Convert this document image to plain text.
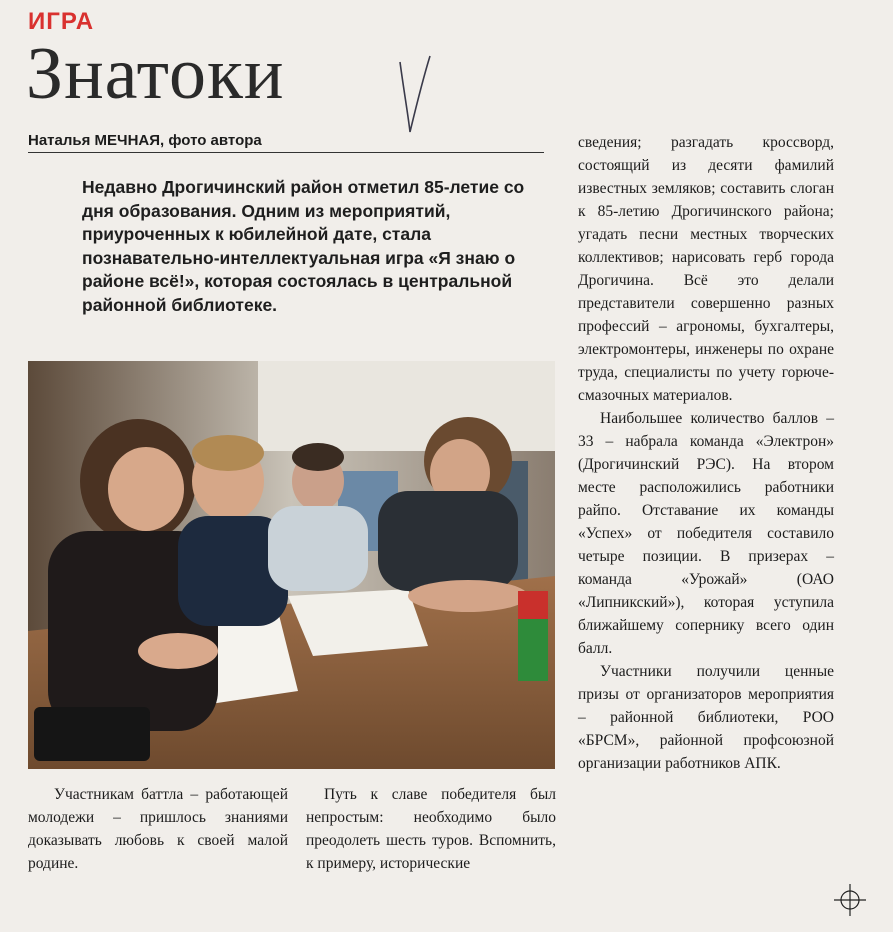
ИГРА
Знатоки
Наталья МЕЧНАЯ, фото автора
Недавно Дрогичинский район отметил 85-летие со дня образования. Одним из мероприятий, приуроченных к юбилейной дате, стала познавательно-интеллектуальная игра «Я знаю о районе всё!», которая состоялась в центральной районной библиотеке.
Участникам баттла – работающей молодежи – пришлось знаниями доказывать любовь к своей малой родине.
Путь к славе победителя был непростым: необходимо было преодолеть шесть туров. Вспомнить, к примеру, исторические

сведения; разгадать кроссворд, состоящий из десяти фамилий известных земляков; составить слоган к 85-летию Дрогичинского района; угадать песни местных творческих коллективов; нарисовать герб города Дрогичина. Всё это делали представители совершенно разных профессий – агрономы, бухгалтеры, электромонтеры, инженеры по охране труда, специалисты по учету горюче-смазочных материалов.

Наибольшее количество баллов – 33 – набрала команда «Электрон» (Дрогичинский РЭС). На втором месте расположились работники райпо. Отставание их команды «Успех» от победителя составило четыре позиции. В призерах – команда «Урожай» (ОАО «Липникский»), которая уступила ближайшему сопернику всего один балл.

Участники получили ценные призы от организаторов мероприятия – районной библиотеки, РОО «БРСМ», районной профсоюзной организации работников АПК.
